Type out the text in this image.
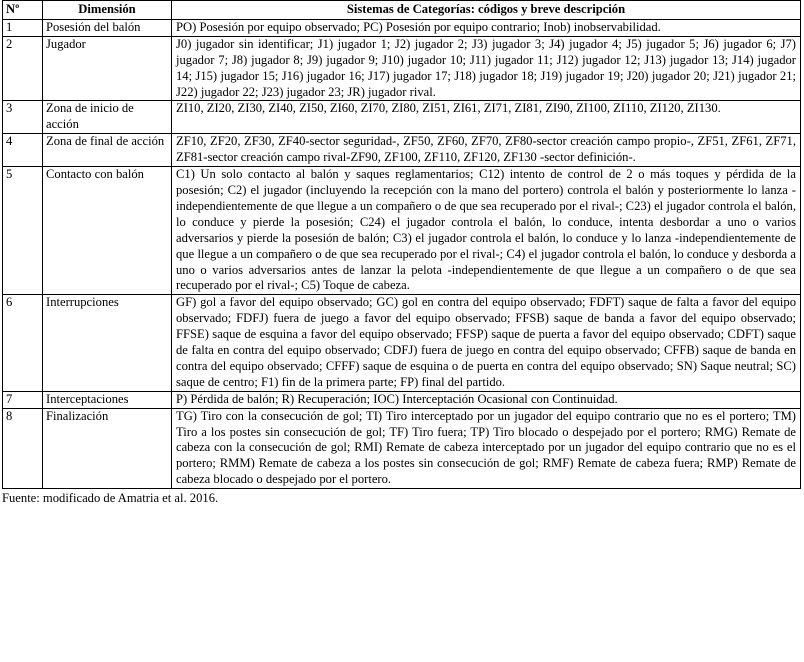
Nº	Dimensión	Sistemas de Categorías: códigos y breve descripción
1	Posesión del balón	PO) Posesión por equipo observado; PC) Posesión por equipo contrario; Inob) inobservabilidad.
2	Jugador	J0) jugador sin identificar; J1) jugador 1; J2) jugador 2; J3) jugador 3; J4) jugador 4; J5) jugador 5; J6) jugador 6; J7) jugador 7; J8) jugador 8; J9) jugador 9; J10) jugador 10; J11) jugador 11; J12) jugador 12; J13) jugador 13; J14) jugador 14; J15) jugador 15; J16) jugador 16; J17) jugador 17; J18) jugador 18; J19) jugador 19; J20) jugador 20; J21) jugador 21; J22) jugador 22; J23) jugador 23; JR) jugador rival.
3	Zona de inicio de acción	ZI10, ZI20, ZI30, ZI40, ZI50, ZI60, ZI70, ZI80, ZI51, ZI61, ZI71, ZI81, ZI90, ZI100, ZI110, ZI120, ZI130.
4	Zona de final de acción	ZF10, ZF20, ZF30, ZF40-sector seguridad-, ZF50, ZF60, ZF70, ZF80-sector creación campo propio-, ZF51, ZF61, ZF71, ZF81-sector creación campo rival-ZF90, ZF100, ZF110, ZF120, ZF130 -sector definición-.
5	Contacto con balón	C1) Un solo contacto al balón y saques reglamentarios; C12) intento de control de 2 o más toques y pérdida de la posesión; C2) el jugador (incluyendo la recepción con la mano del portero) controla el balón y posteriormente lo lanza -independientemente de que llegue a un compañero o de que sea recuperado por el rival-; C23) el jugador controla el balón, lo conduce y pierde la posesión; C24) el jugador controla el balón, lo conduce, intenta desbordar a uno o varios adversarios y pierde la posesión de balón; C3) el jugador controla el balón, lo conduce y lo lanza -independientemente de que llegue a un compañero o de que sea recuperado por el rival-; C4) el jugador controla el balón, lo conduce y desborda a uno o varios adversarios antes de lanzar la pelota -independientemente de que llegue a un compañero o de que sea recuperado por el rival-; C5) Toque de cabeza.
6	Interrupciones	GF) gol a favor del equipo observado; GC) gol en contra del equipo observado; FDFT) saque de falta a favor del equipo observado; FDFJ) fuera de juego a favor del equipo observado; FFSB) saque de banda a favor del equipo observado; FFSE) saque de esquina a favor del equipo observado; FFSP) saque de puerta a favor del equipo observado; CDFT) saque de falta en contra del equipo observado; CDFJ) fuera de juego en contra del equipo observado; CFFB) saque de banda en contra del equipo observado; CFFF) saque de esquina o de puerta en contra del equipo observado; SN) Saque neutral; SC) saque de centro; F1) fin de la primera parte; FP) final del partido.
7	Interceptaciones	P) Pérdida de balón; R) Recuperación; IOC) Interceptación Ocasional con Continuidad.
8	Finalización	TG) Tiro con la consecución de gol; TI) Tiro interceptado por un jugador del equipo contrario que no es el portero; TM) Tiro a los postes sin consecución de gol; TF) Tiro fuera; TP) Tiro blocado o despejado por el portero; RMG) Remate de cabeza con la consecución de gol; RMI) Remate de cabeza interceptado por un jugador del equipo contrario que no es el portero; RMM) Remate de cabeza a los postes sin consecución de gol; RMF) Remate de cabeza fuera; RMP) Remate de cabeza blocado o despejado por el portero.
Fuente: modificado de Amatria et al. 2016.
